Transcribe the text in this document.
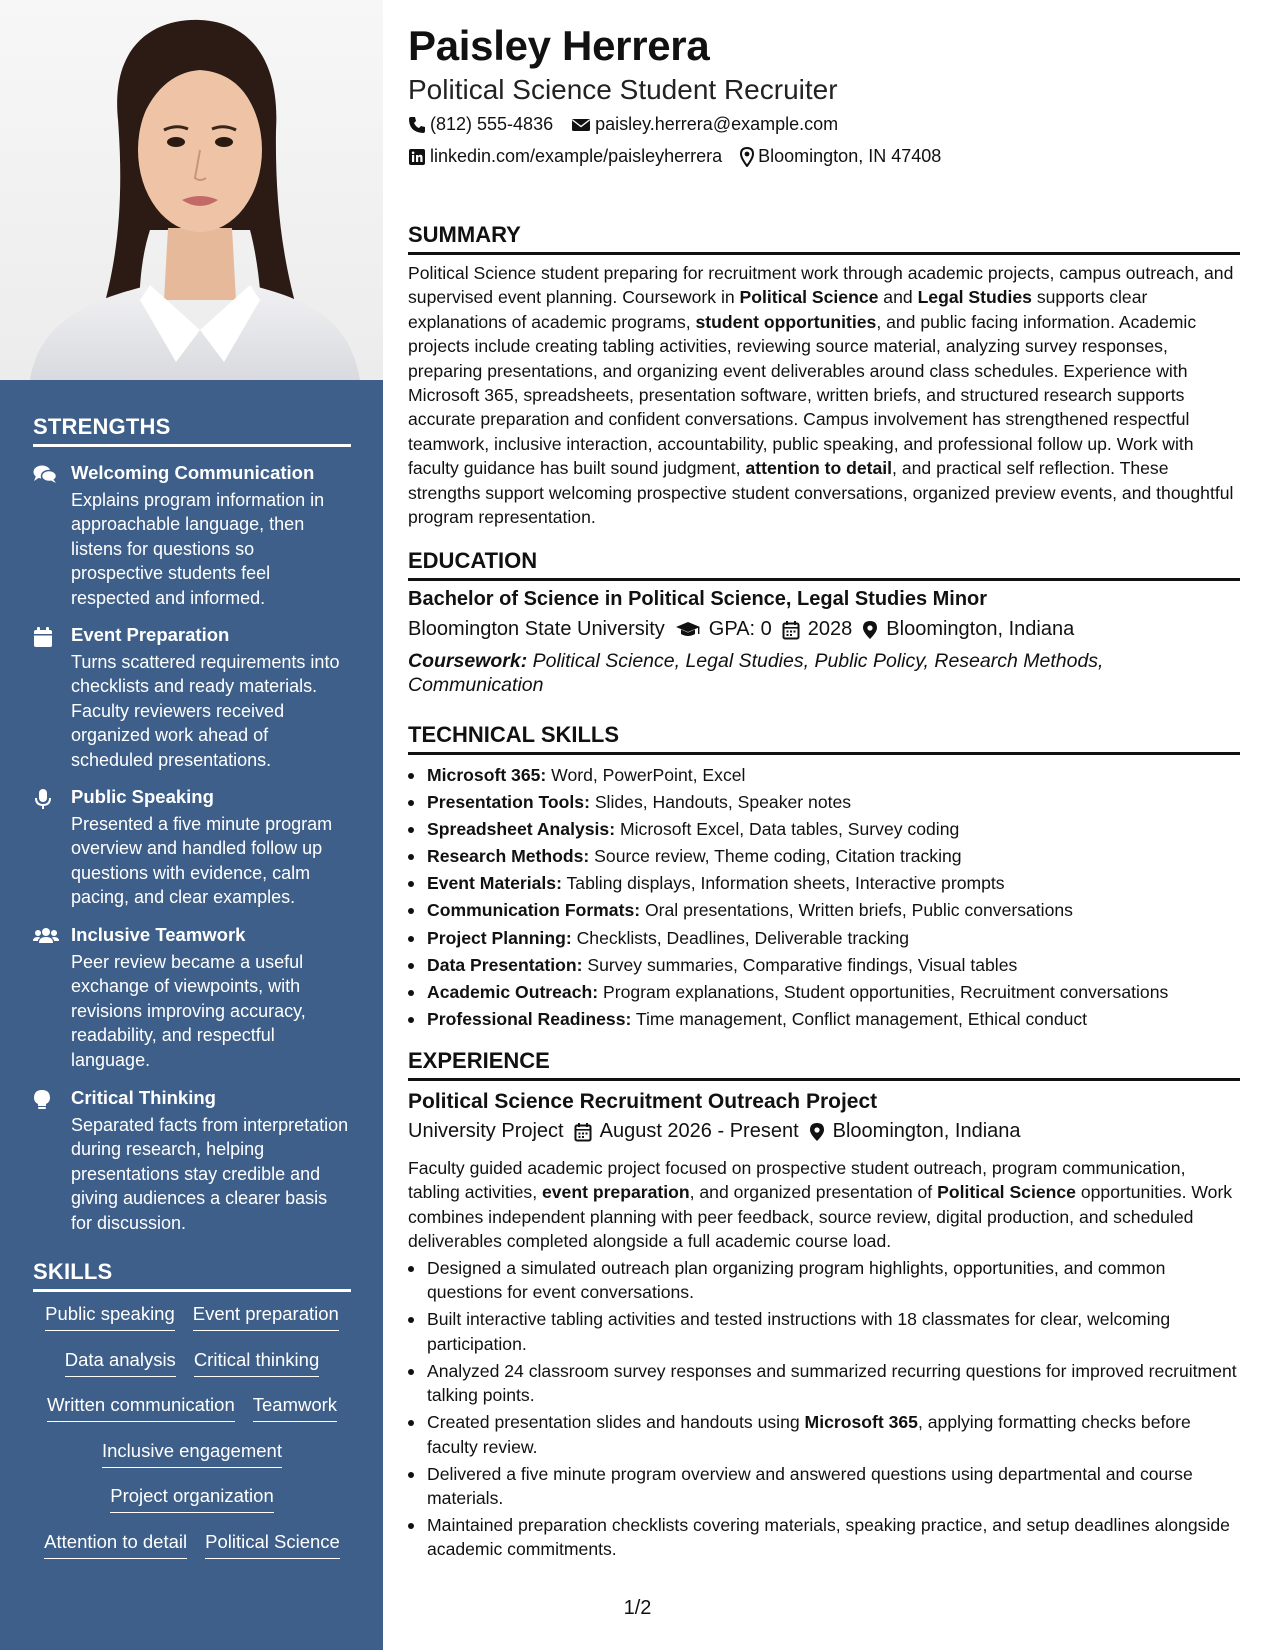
STRENGTHS
Welcoming Communication
Explains program information in approachable language, then listens for questions so prospective students feel respected and informed.
Event Preparation
Turns scattered requirements into checklists and ready materials. Faculty reviewers received organized work ahead of scheduled presentations.
Public Speaking
Presented a five minute program overview and handled follow up questions with evidence, calm pacing, and clear examples.
Inclusive Teamwork
Peer review became a useful exchange of viewpoints, with revisions improving accuracy, readability, and respectful language.
Critical Thinking
Separated facts from interpretation during research, helping presentations stay credible and giving audiences a clearer basis for discussion.
SKILLS
Public speaking Event preparation
Data analysis Critical thinking
Written communication Teamwork
Inclusive engagement
Project organization
Attention to detail Political Science
Paisley Herrera
Political Science Student Recruiter
(812) 555-4836 paisley.herrera@example.com
linkedin.com/example/paisleyherrera Bloomington, IN 47408
SUMMARY
Political Science student preparing for recruitment work through academic projects, campus outreach, and supervised event planning. Coursework in Political Science and Legal Studies supports clear explanations of academic programs, student opportunities, and public facing information. Academic projects include creating tabling activities, reviewing source material, analyzing survey responses, preparing presentations, and organizing event deliverables around class schedules. Experience with Microsoft 365, spreadsheets, presentation software, written briefs, and structured research supports accurate preparation and confident conversations. Campus involvement has strengthened respectful teamwork, inclusive interaction, accountability, public speaking, and professional follow up. Work with faculty guidance has built sound judgment, attention to detail, and practical self reflection. These strengths support welcoming prospective student conversations, organized preview events, and thoughtful program representation.
EDUCATION
Bachelor of Science in Political Science, Legal Studies Minor
Bloomington State University GPA: 0 2028 Bloomington, Indiana
Coursework: Political Science, Legal Studies, Public Policy, Research Methods, Communication
TECHNICAL SKILLS
Microsoft 365: Word, PowerPoint, Excel
Presentation Tools: Slides, Handouts, Speaker notes
Spreadsheet Analysis: Microsoft Excel, Data tables, Survey coding
Research Methods: Source review, Theme coding, Citation tracking
Event Materials: Tabling displays, Information sheets, Interactive prompts
Communication Formats: Oral presentations, Written briefs, Public conversations
Project Planning: Checklists, Deadlines, Deliverable tracking
Data Presentation: Survey summaries, Comparative findings, Visual tables
Academic Outreach: Program explanations, Student opportunities, Recruitment conversations
Professional Readiness: Time management, Conflict management, Ethical conduct
EXPERIENCE
Political Science Recruitment Outreach Project
University Project August 2026 - Present Bloomington, Indiana
Faculty guided academic project focused on prospective student outreach, program communication, tabling activities, event preparation, and organized presentation of Political Science opportunities. Work combines independent planning with peer feedback, source review, digital production, and scheduled deliverables completed alongside a full academic course load.
Designed a simulated outreach plan organizing program highlights, opportunities, and common questions for event conversations.
Built interactive tabling activities and tested instructions with 18 classmates for clear, welcoming participation.
Analyzed 24 classroom survey responses and summarized recurring questions for improved recruitment talking points.
Created presentation slides and handouts using Microsoft 365, applying formatting checks before faculty review.
Delivered a five minute program overview and answered questions using departmental and course materials.
Maintained preparation checklists covering materials, speaking practice, and setup deadlines alongside academic commitments.
1/2
